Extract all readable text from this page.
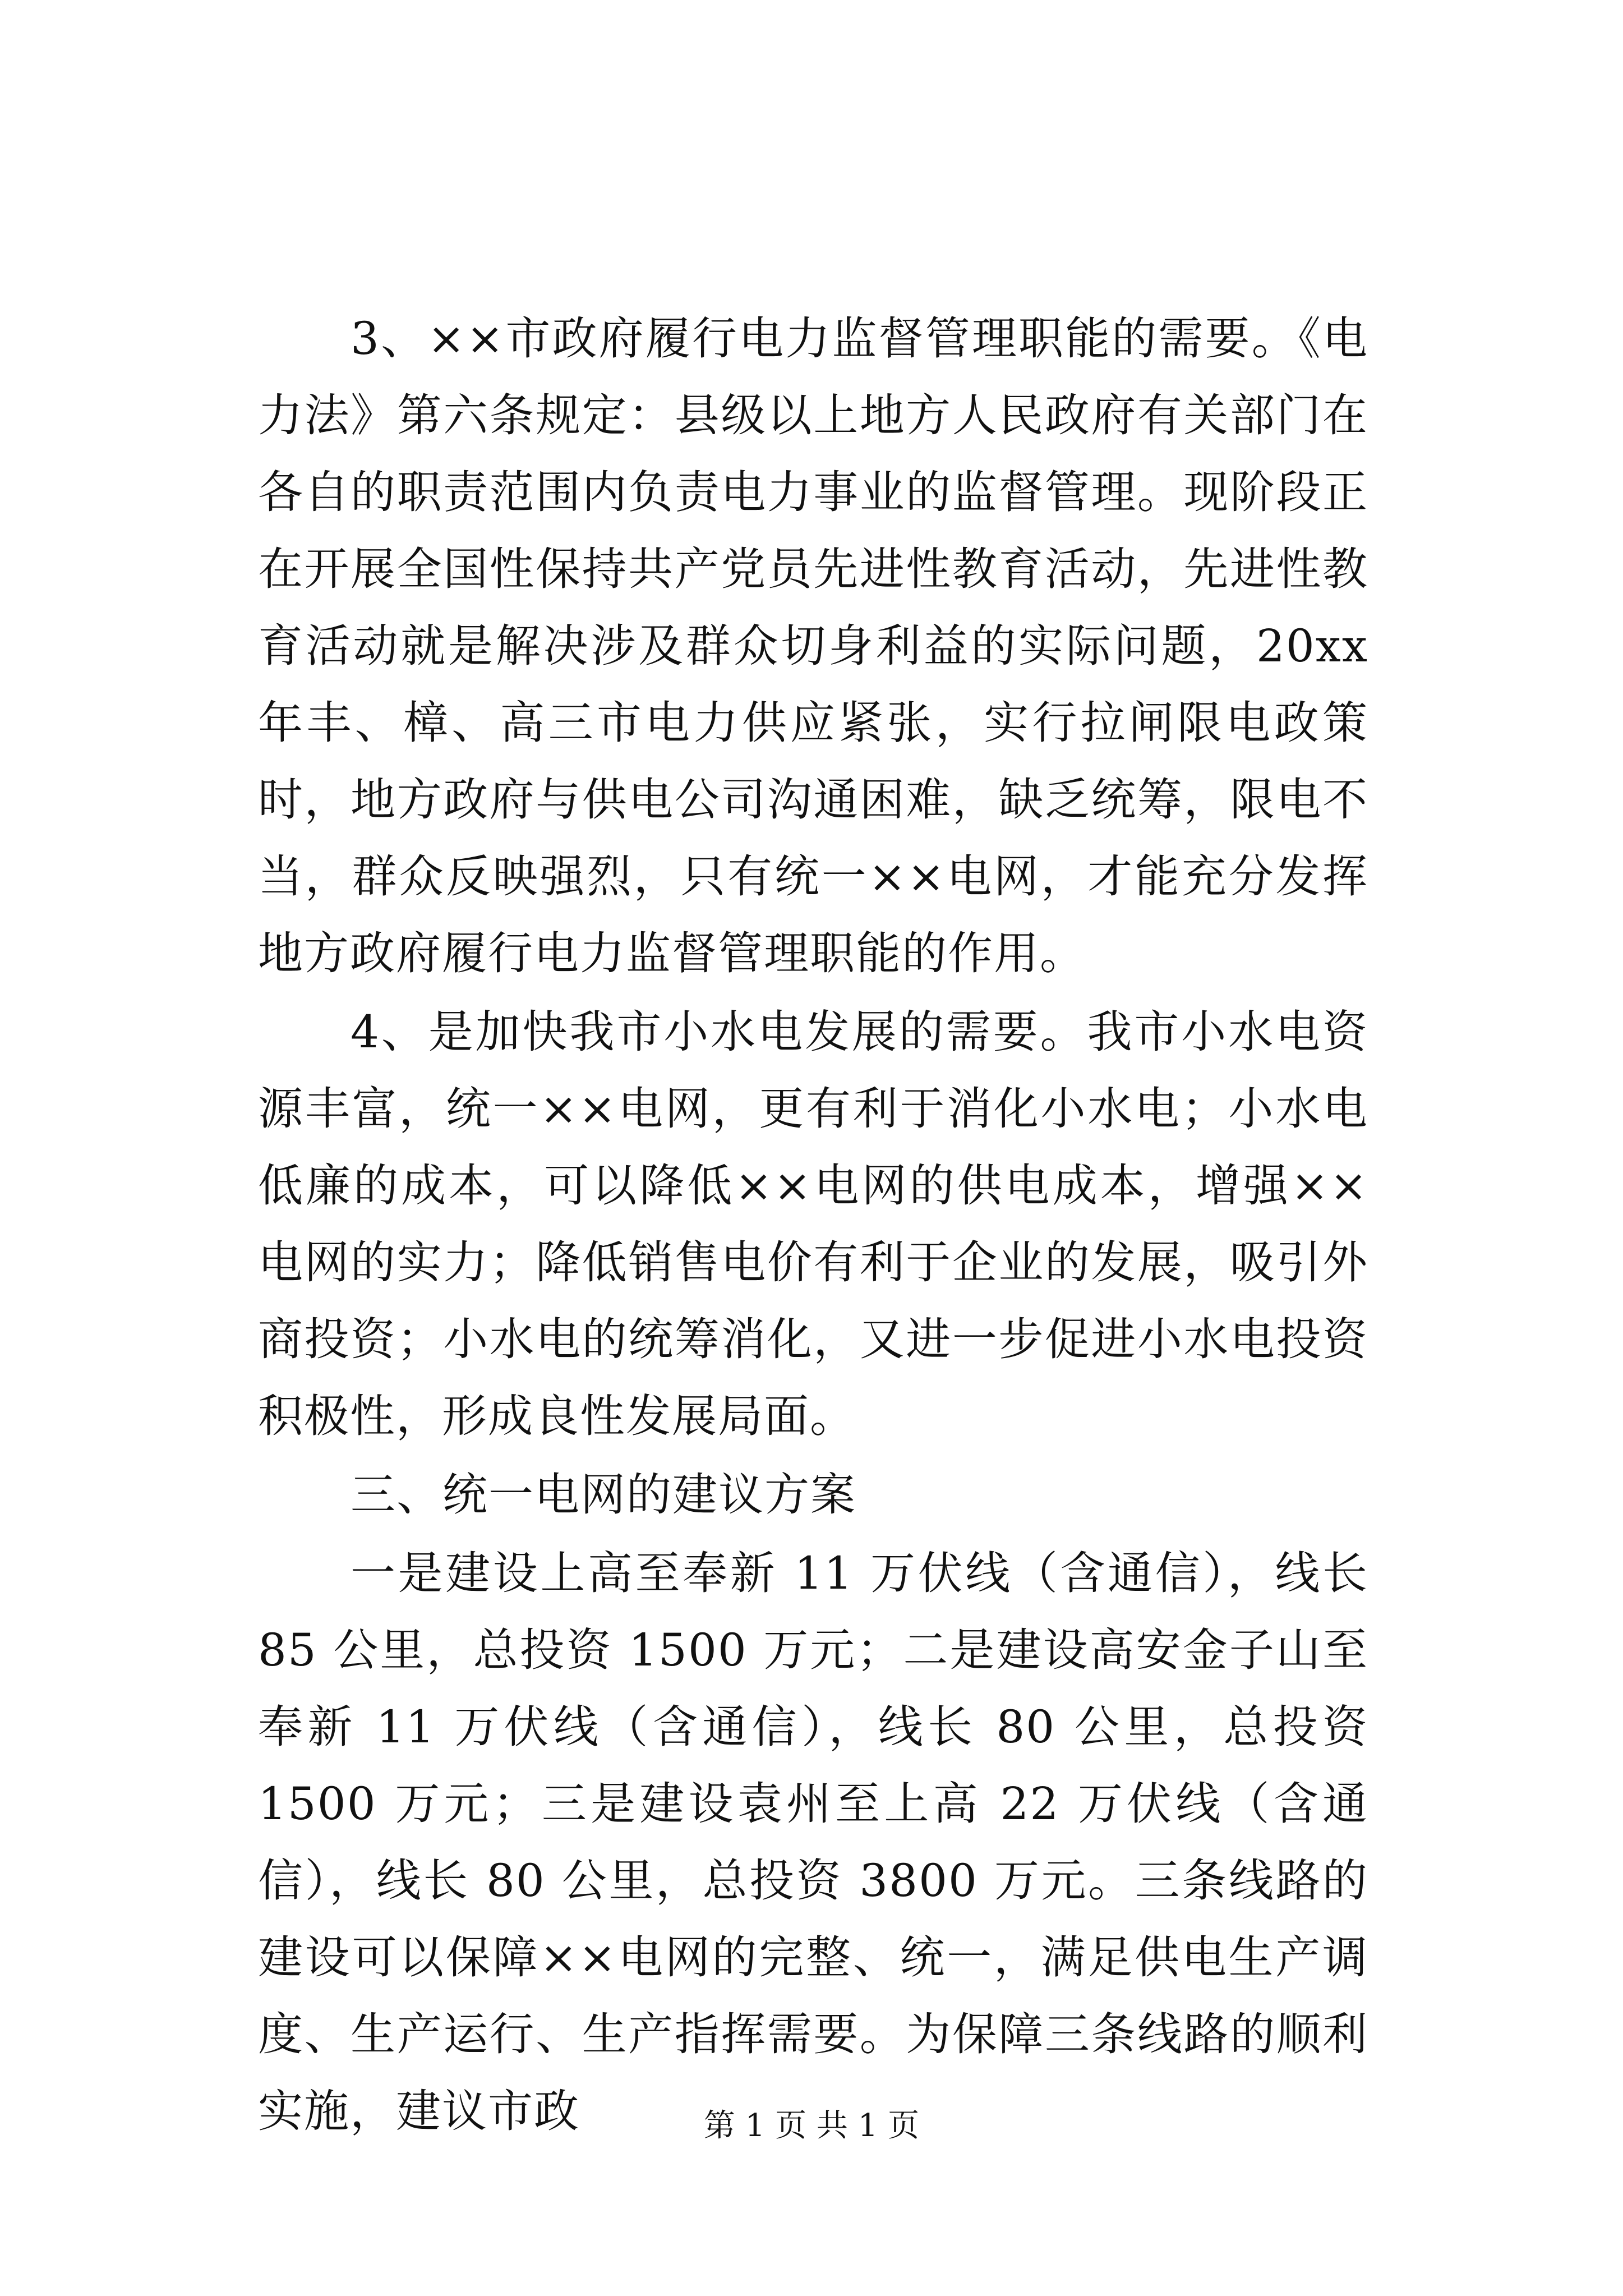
3、××市政府履行电力监督管理职能的需要。《电力法》第六条规定：县级以上地方人民政府有关部门在各自的职责范围内负责电力事业的监督管理。现阶段正在开展全国性保持共产党员先进性教育活动，先进性教育活动就是解决涉及群众切身利益的实际问题，20xx 年丰、樟、高三市电力供应紧张，实行拉闸限电政策时，地方政府与供电公司沟通困难，缺乏统筹，限电不当，群众反映强烈，只有统一××电网，才能充分发挥地方政府履行电力监督管理职能的作用。

4、是加快我市小水电发展的需要。我市小水电资源丰富，统一××电网，更有利于消化小水电；小水电低廉的成本，可以降低××电网的供电成本，增强××电网的实力；降低销售电价有利于企业的发展，吸引外商投资；小水电的统筹消化，又进一步促进小水电投资积极性，形成良性发展局面。

三、统一电网的建议方案

一是建设上高至奉新 11 万伏线（含通信），线长 85 公里，总投资 1500 万元；二是建设高安金子山至奉新 11 万伏线（含通信），线长 80 公里，总投资 1500 万元；三是建设袁州至上高 22 万伏线（含通信），线长 80 公里，总投资 3800 万元。三条线路的建设可以保障××电网的完整、统一，满足供电生产调度、生产运行、生产指挥需要。为保障三条线路的顺利实施，建议市政	第 1 页 共 1 页
